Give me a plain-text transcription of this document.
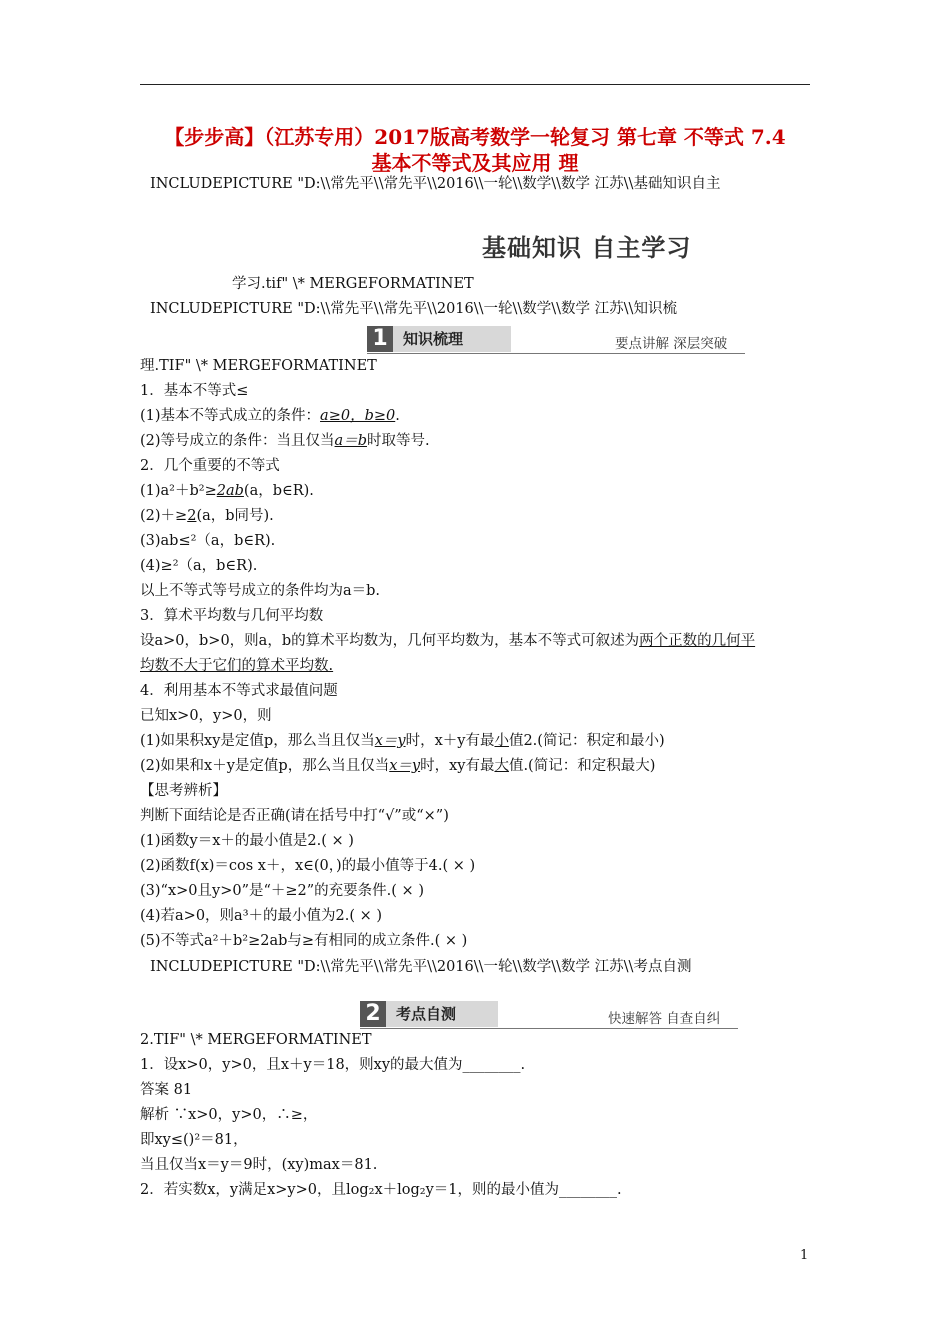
【步步高】（江苏专用）2017版高考数学一轮复习 第七章 不等式 7.4
基本不等式及其应用 理
INCLUDEPICTURE "D:\\常先平\\常先平\\2016\\一轮\\数学\\数学 江苏\\基础知识自主
基础知识 自主学习
学习.tif" \* MERGEFORMATINET
INCLUDEPICTURE "D:\\常先平\\常先平\\2016\\一轮\\数学\\数学 江苏\\知识梳
1	知识梳理	要点讲解 深层突破
理.TIF" \* MERGEFORMATINET
1．基本不等式≤
(1)基本不等式成立的条件：a≥0，b≥0.
(2)等号成立的条件：当且仅当a＝b时取等号.
2．几个重要的不等式
(1)a²＋b²≥2ab(a，b∈R).
(2)＋≥2(a，b同号).
(3)ab≤²（a，b∈R).
(4)≥²（a，b∈R).
以上不等式等号成立的条件均为a＝b.
3．算术平均数与几何平均数
设a>0，b>0，则a，b的算术平均数为，几何平均数为，基本不等式可叙述为两个正数的几何平
均数不大于它们的算术平均数.
4．利用基本不等式求最值问题
已知x>0，y>0，则
(1)如果积xy是定值p，那么当且仅当x＝y时，x＋y有最小值2.(简记：积定和最小)
(2)如果和x＋y是定值p，那么当且仅当x＝y时，xy有最大值.(简记：和定积最大)
【思考辨析】
判断下面结论是否正确(请在括号中打“√”或“×”)
(1)函数y＝x＋的最小值是2.( × )
(2)函数f(x)＝cos x＋，x∈(0，)的最小值等于4.( × )
(3)“x>0且y>0”是“＋≥2”的充要条件.( × )
(4)若a>0，则a³＋的最小值为2.( × )
(5)不等式a²＋b²≥2ab与≥有相同的成立条件.( × )
INCLUDEPICTURE "D:\\常先平\\常先平\\2016\\一轮\\数学\\数学 江苏\\考点自测
2	考点自测	快速解答 自查自纠
2.TIF" \* MERGEFORMATINET
1．设x>0，y>0，且x＋y＝18，则xy的最大值为________.
答案 81
解析 ∵x>0，y>0，∴≥，
即xy≤()²＝81，
当且仅当x＝y＝9时，(xy)max＝81.
2．若实数x，y满足x>y>0，且log₂x＋log₂y＝1，则的最小值为________.
1
